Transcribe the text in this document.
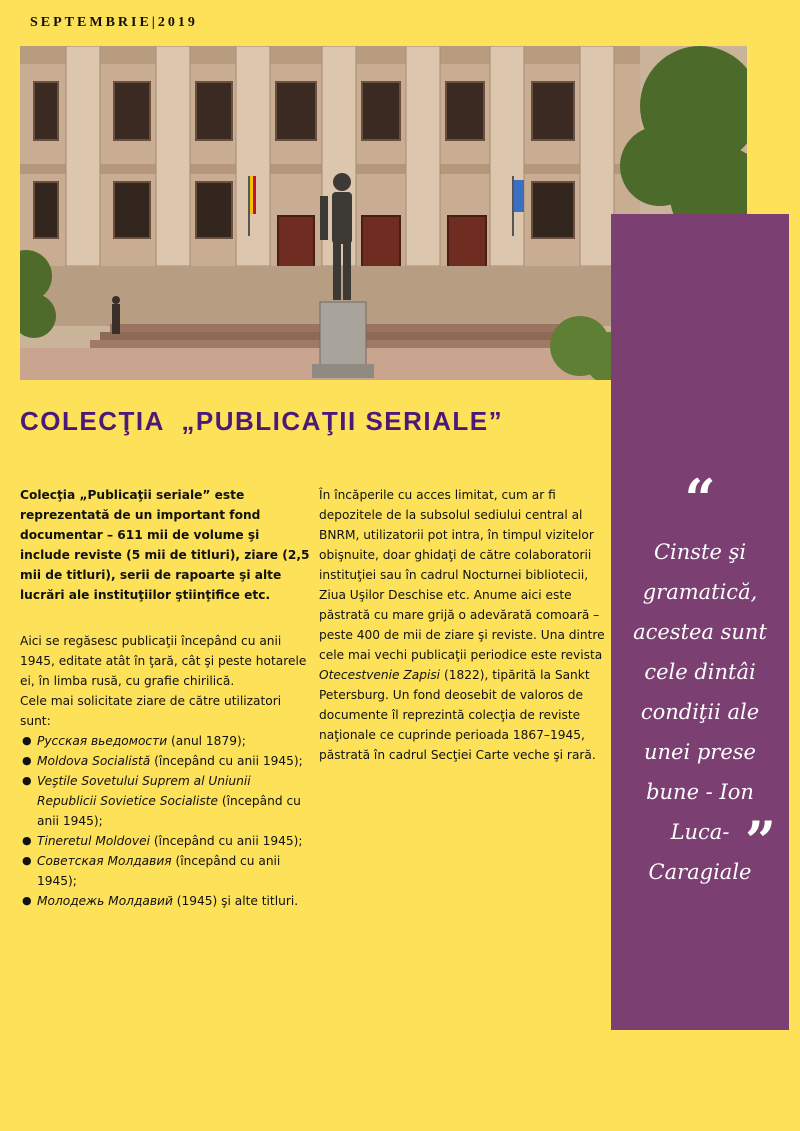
SEPTEMBRIE|2019
“
Cinste şi gramatică, acestea sunt cele dintâi condiţii ale unei prese bune - Ion Luca-Caragiale
”
COLECŢIA  „PUBLICAŢII SERIALE”

Colecţia „Publicaţii seriale” este reprezentată de un important fond documentar – 611 mii de volume şi include reviste (5 mii de titluri), ziare (2,5 mii de titluri), serii de rapoarte şi alte lucrări ale instituţiilor ştiinţifice etc.

Aici se regăsesc publicaţii începând cu anii 1945, editate atât în ţară, cât şi peste hotarele ei, în limba rusă, cu grafie chirilică.

Cele mai solicitate ziare de către utilizatori sunt:

● Русская вьедомости (anul 1879);
● Moldova Socialistă (începând cu anii 1945);
● Veştile Sovetului Suprem al Uniunii Republicii Sovietice Socialiste (începând cu anii 1945);
● Tineretul Moldovei (începând cu anii 1945);
● Советская Молдавия (începând cu anii 1945);
● Молодежь Молдавий (1945) şi alte titluri.

În încăperile cu acces limitat, cum ar fi depozitele de la subsolul sediului central al BNRM, utilizatorii pot intra, în timpul vizitelor obişnuite, doar ghidaţi de către colaboratorii instituţiei sau în cadrul Nocturnei bibliotecii, Ziua Uşilor Deschise etc. Anume aici este păstrată cu mare grijă o adevărată comoară – peste 400 de mii de ziare şi reviste. Una dintre cele mai vechi publicaţii periodice este revista Otecestvenie Zapisi (1822), tipărită la Sankt Petersburg. Un fond deosebit de valoros de documente îl reprezintă colecţia de reviste naţionale ce cuprinde perioada 1867–1945, păstrată în cadrul Secţiei Carte veche şi rară.
